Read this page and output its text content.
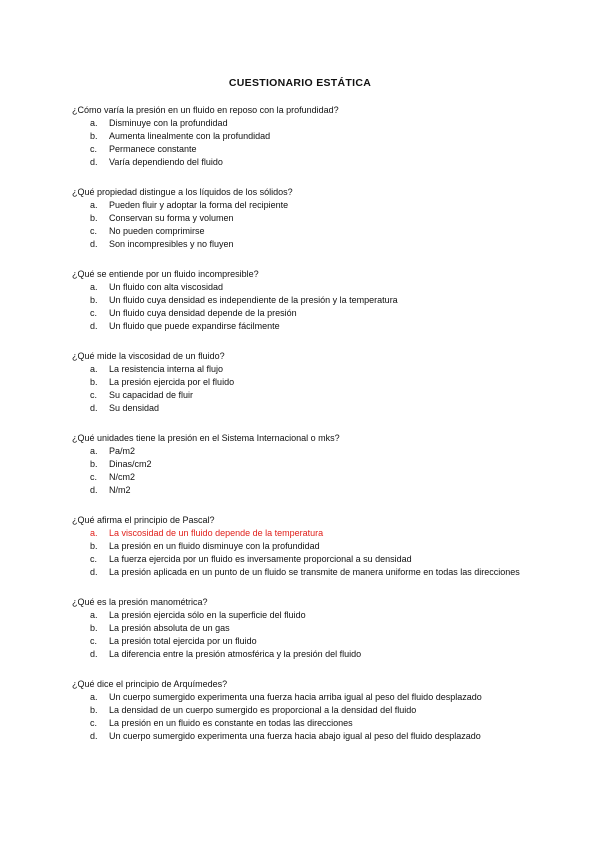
CUESTIONARIO ESTÁTICA
¿Cómo varía la presión en un fluido en reposo con la profundidad?
a. Disminuye con la profundidad
b. Aumenta linealmente con la profundidad
c. Permanece constante
d. Varía dependiendo del fluido
¿Qué propiedad distingue a los líquidos de los sólidos?
a. Pueden fluir y adoptar la forma del recipiente
b. Conservan su forma y volumen
c. No pueden comprimirse
d. Son incompresibles y no fluyen
¿Qué se entiende por un fluido incompresible?
a. Un fluido con alta viscosidad
b. Un fluido cuya densidad es independiente de la presión y la temperatura
c. Un fluido cuya densidad depende de la presión
d. Un fluido que puede expandirse fácilmente
¿Qué mide la viscosidad de un fluido?
a. La resistencia interna al flujo
b. La presión ejercida por el fluido
c. Su capacidad de fluir
d. Su densidad
¿Qué unidades tiene la presión en el Sistema Internacional o mks?
a. Pa/m2
b. Dinas/cm2
c. N/cm2
d. N/m2
¿Qué afirma el principio de Pascal?
a. La viscosidad de un fluido depende de la temperatura
b. La presión en un fluido disminuye con la profundidad
c. La fuerza ejercida por un fluido es inversamente proporcional a su densidad
d. La presión aplicada en un punto de un fluido se transmite de manera uniforme en todas las direcciones
¿Qué es la presión manométrica?
a. La presión ejercida sólo en la superficie del fluido
b. La presión absoluta de un gas
c. La presión total ejercida por un fluido
d. La diferencia entre la presión atmosférica y la presión del fluido
¿Qué dice el principio de Arquímedes?
a. Un cuerpo sumergido experimenta una fuerza hacia arriba igual al peso del fluido desplazado
b. La densidad de un cuerpo sumergido es proporcional a la densidad del fluido
c. La presión en un fluido es constante en todas las direcciones
d. Un cuerpo sumergido experimenta una fuerza hacia abajo igual al peso del fluido desplazado
